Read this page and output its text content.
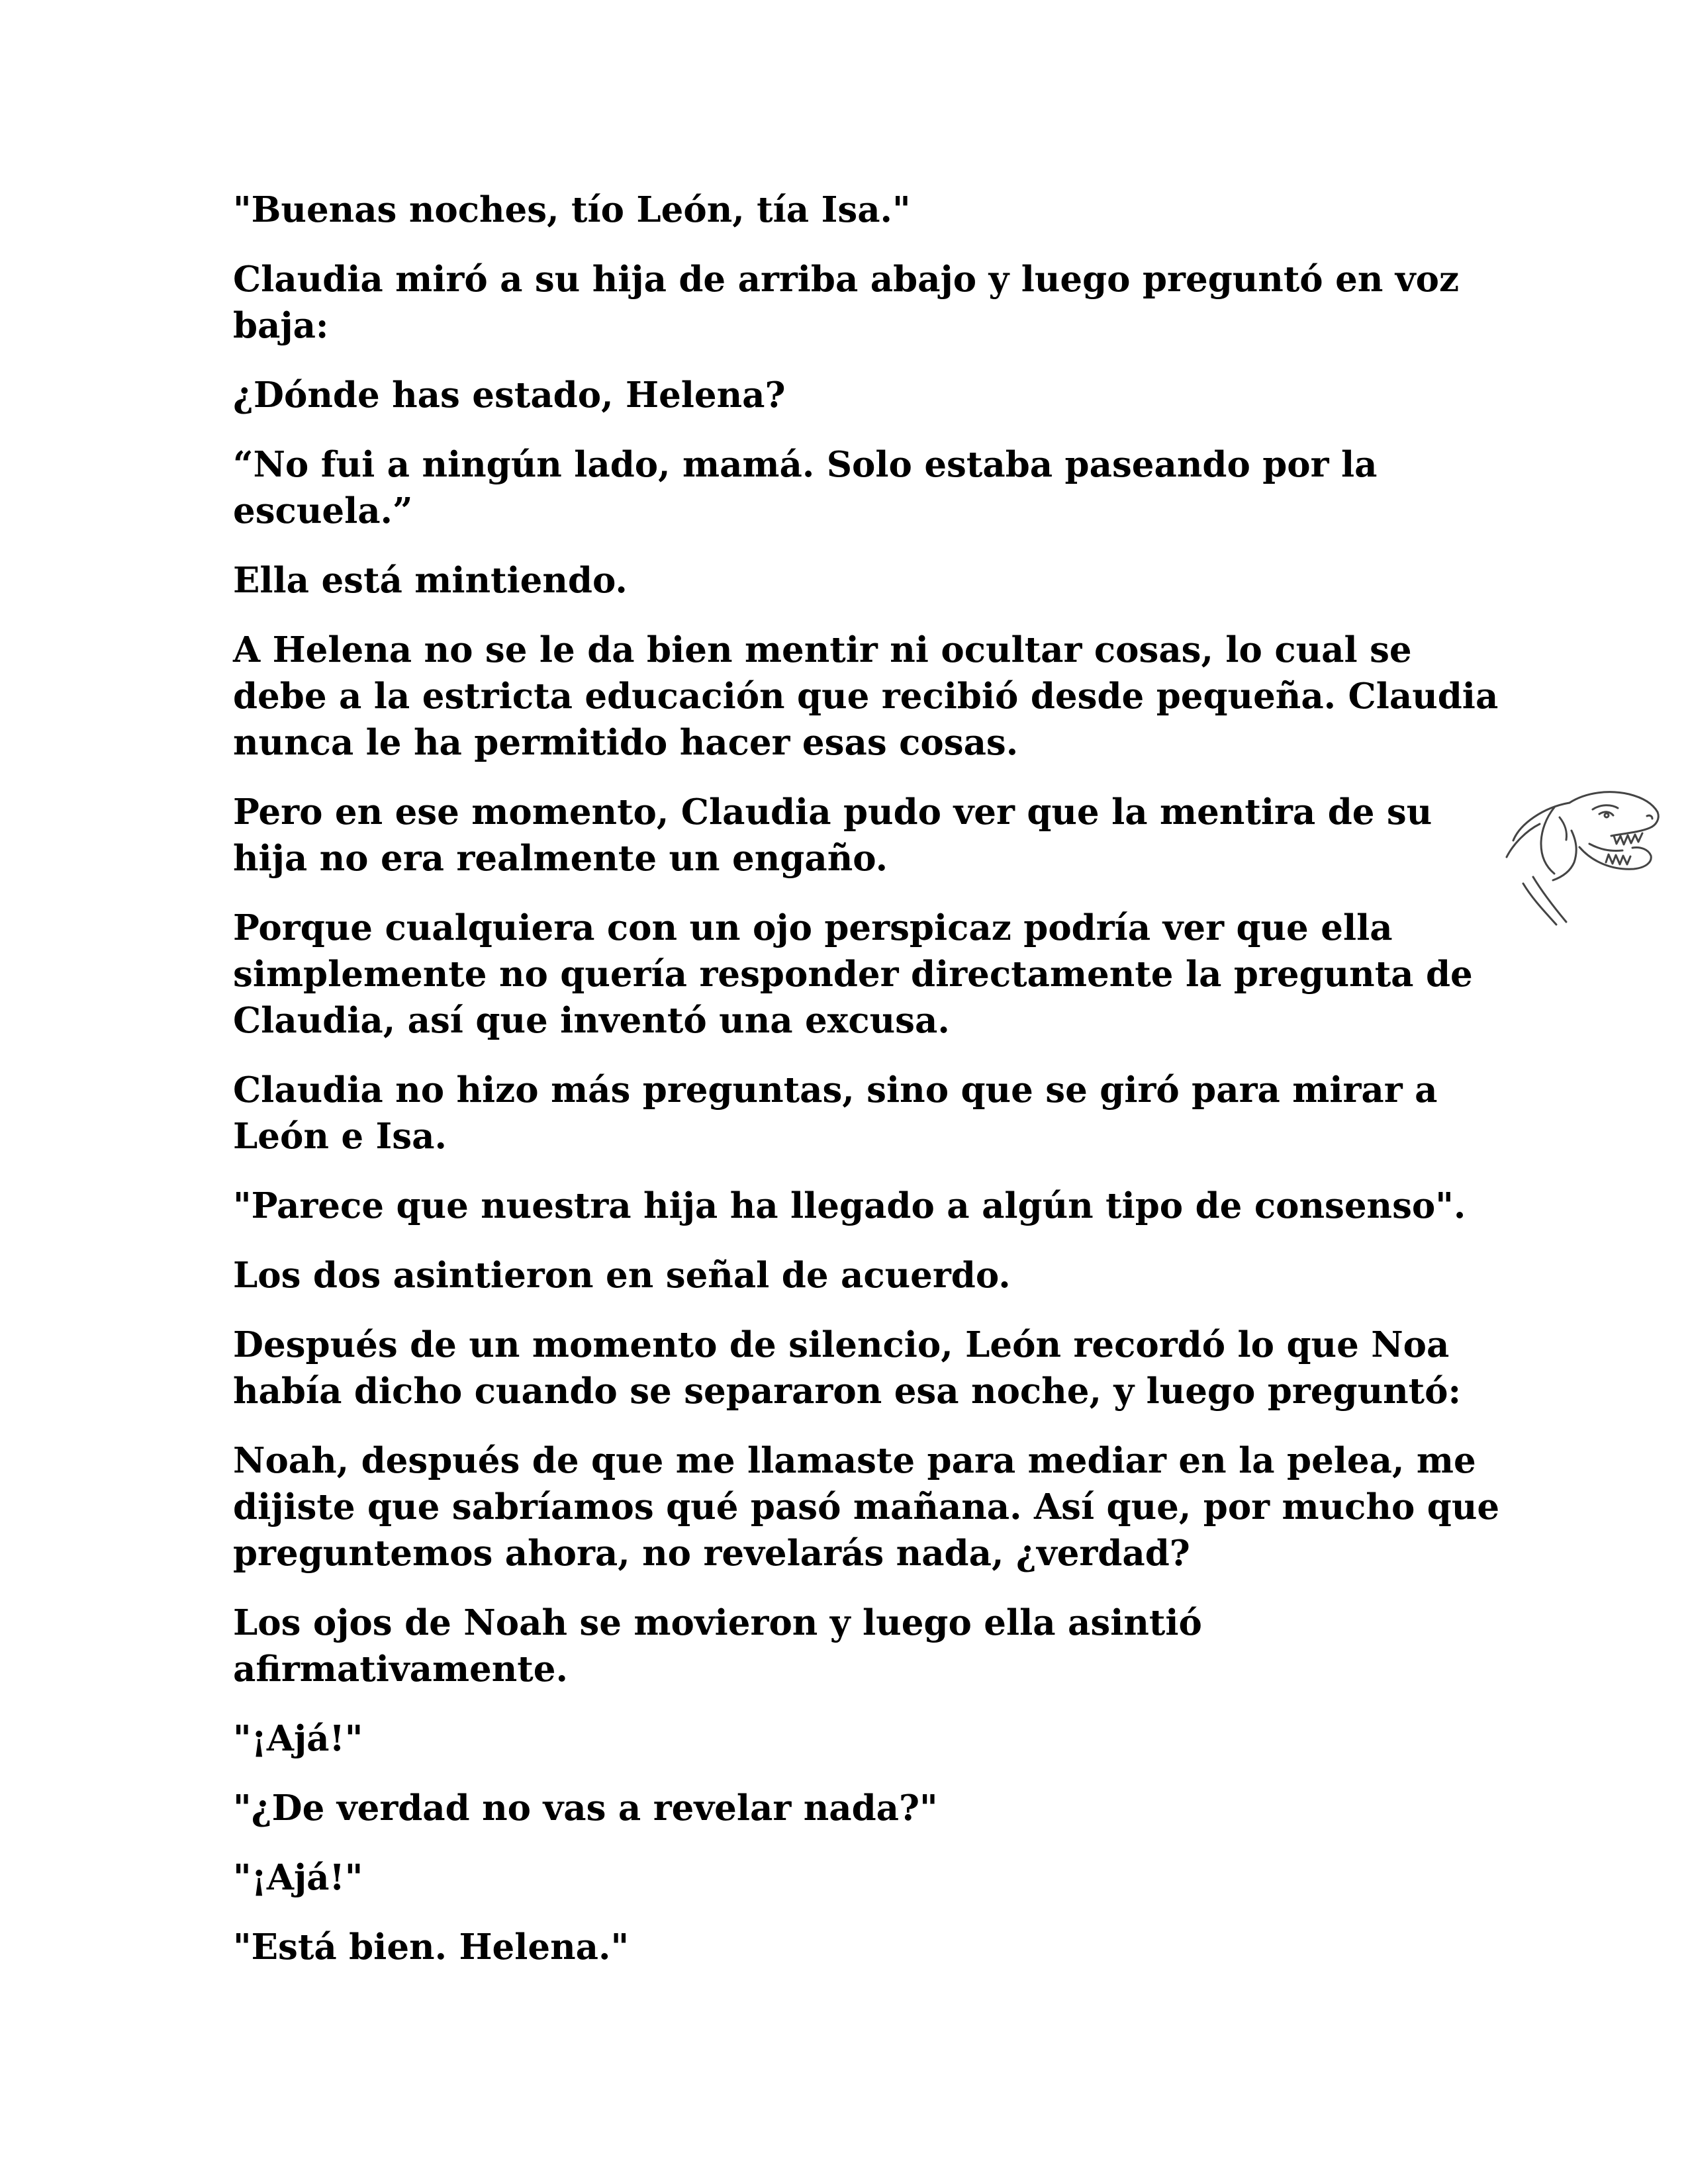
"Buenas noches, tío León, tía Isa."

Claudia miró a su hija de arriba abajo y luego preguntó en voz baja:

¿Dónde has estado, Helena?

“No fui a ningún lado, mamá. Solo estaba paseando por la escuela.”

Ella está mintiendo.

A Helena no se le da bien mentir ni ocultar cosas, lo cual se debe a la estricta educación que recibió desde pequeña. Claudia nunca le ha permitido hacer esas cosas.

Pero en ese momento, Claudia pudo ver que la mentira de su hija no era realmente un engaño.

Porque cualquiera con un ojo perspicaz podría ver que ella simplemente no quería responder directamente la pregunta de Claudia, así que inventó una excusa.

Claudia no hizo más preguntas, sino que se giró para mirar a León e Isa.

"Parece que nuestra hija ha llegado a algún tipo de consenso".

Los dos asintieron en señal de acuerdo.

Después de un momento de silencio, León recordó lo que Noa había dicho cuando se separaron esa noche, y luego preguntó:

Noah, después de que me llamaste para mediar en la pelea, me dijiste que sabríamos qué pasó mañana. Así que, por mucho que preguntemos ahora, no revelarás nada, ¿verdad?

Los ojos de Noah se movieron y luego ella asintió afirmativamente.

"¡Ajá!"

"¿De verdad no vas a revelar nada?"

"¡Ajá!"

"Está bien. Helena."
